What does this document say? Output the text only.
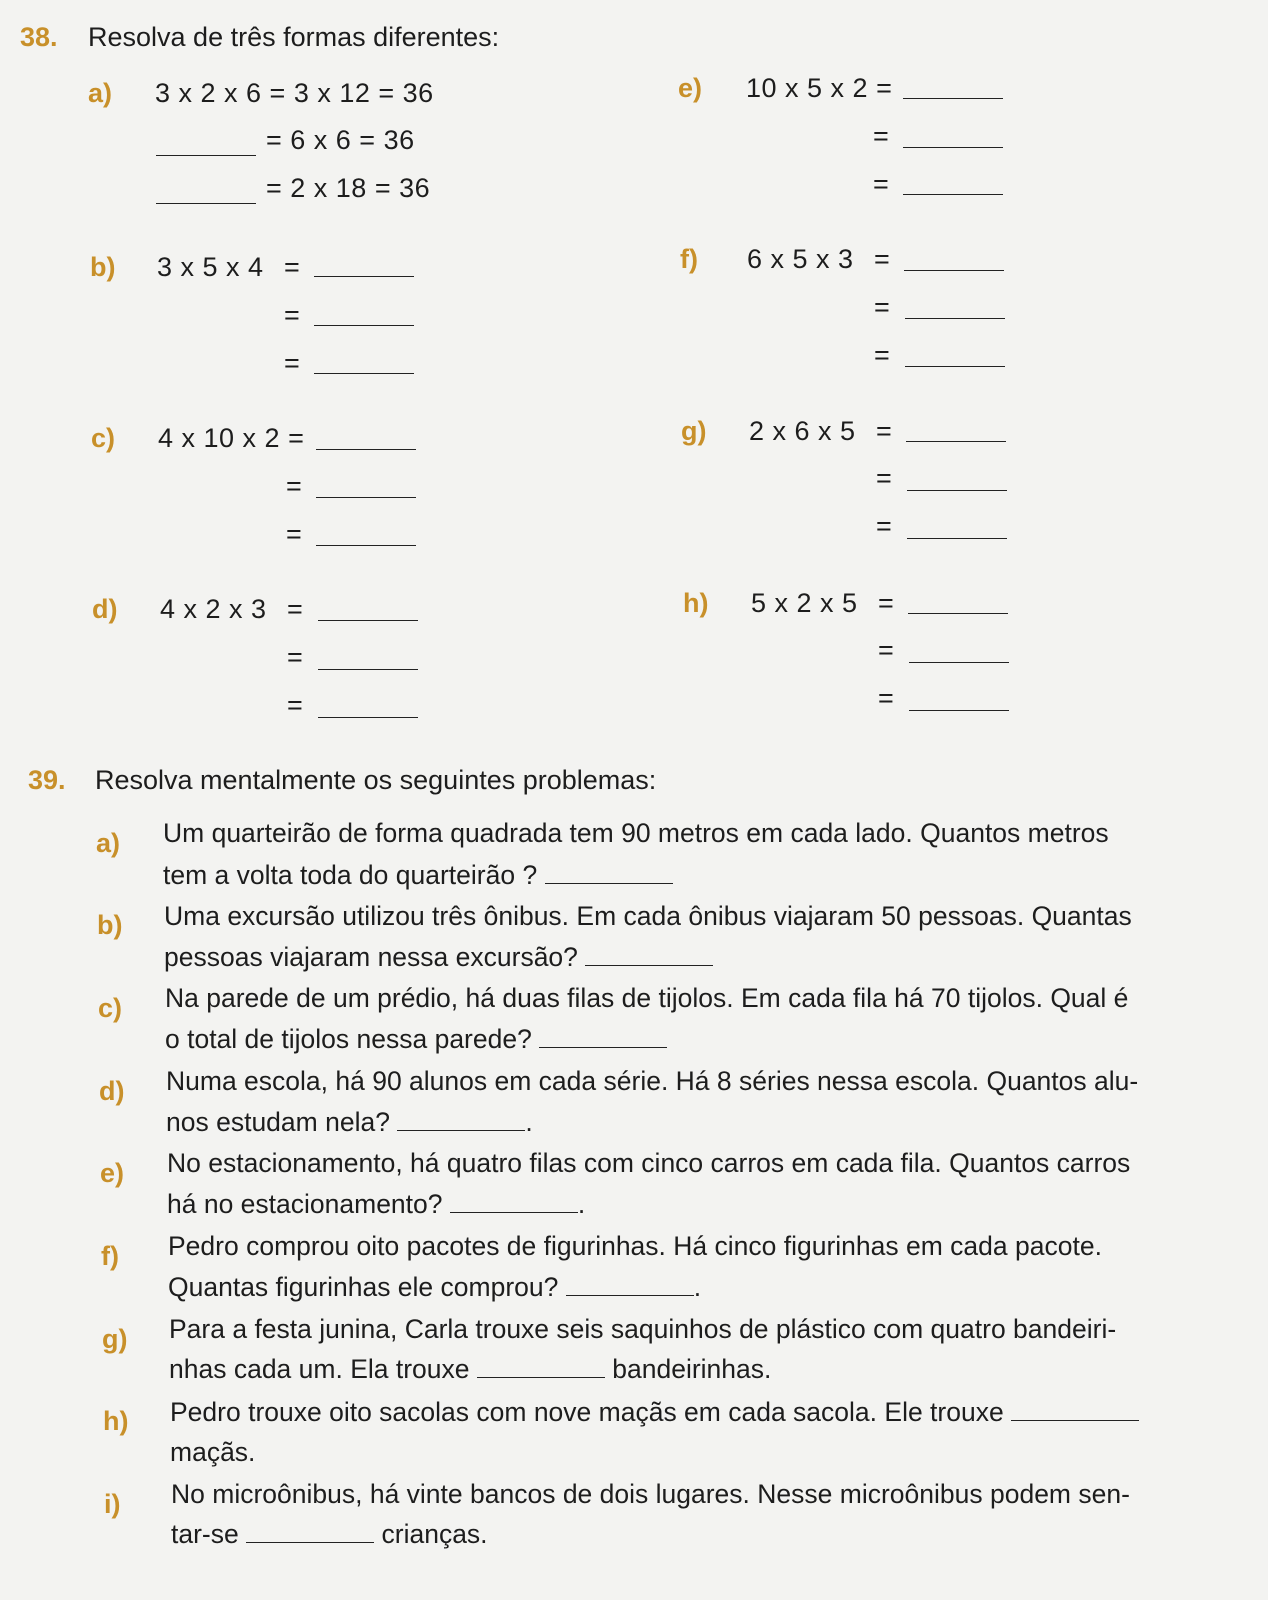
38. Resolva de três formas diferentes:
a) 3 x 2 x 6 = 3 x 12 = 36
= 6 x 6 = 36
= 2 x 18 = 36
b) 3 x 5 x 4 =
=
=
c) 4 x 10 x 2 =
=
=
d) 4 x 2 x 3 =
=
=
e) 10 x 5 x 2 =
=
=
f) 6 x 5 x 3 =
=
=
g) 2 x 6 x 5 =
=
=
h) 5 x 2 x 5 =
=
=
39. Resolva mentalmente os seguintes problemas:
a) Um quarteirão de forma quadrada tem 90 metros em cada lado. Quantos metros
tem a volta toda do quarteirão ?
b) Uma excursão utilizou três ônibus. Em cada ônibus viajaram 50 pessoas. Quantas
pessoas viajaram nessa excursão?
c) Na parede de um prédio, há duas filas de tijolos. Em cada fila há 70 tijolos. Qual é
o total de tijolos nessa parede?
d) Numa escola, há 90 alunos em cada série. Há 8 séries nessa escola. Quantos alu-
nos estudam nela?	.
e) No estacionamento, há quatro filas com cinco carros em cada fila. Quantos carros
há no estacionamento?	.
f) Pedro comprou oito pacotes de figurinhas. Há cinco figurinhas em cada pacote.
Quantas figurinhas ele comprou?	.
g) Para a festa junina, Carla trouxe seis saquinhos de plástico com quatro bandeiri-
nhas cada um. Ela trouxe	bandeirinhas.
h) Pedro trouxe oito sacolas com nove maçãs em cada sacola. Ele trouxe
maçãs.
i) No microônibus, há vinte bancos de dois lugares. Nesse microônibus podem sen-
tar-se	crianças.
